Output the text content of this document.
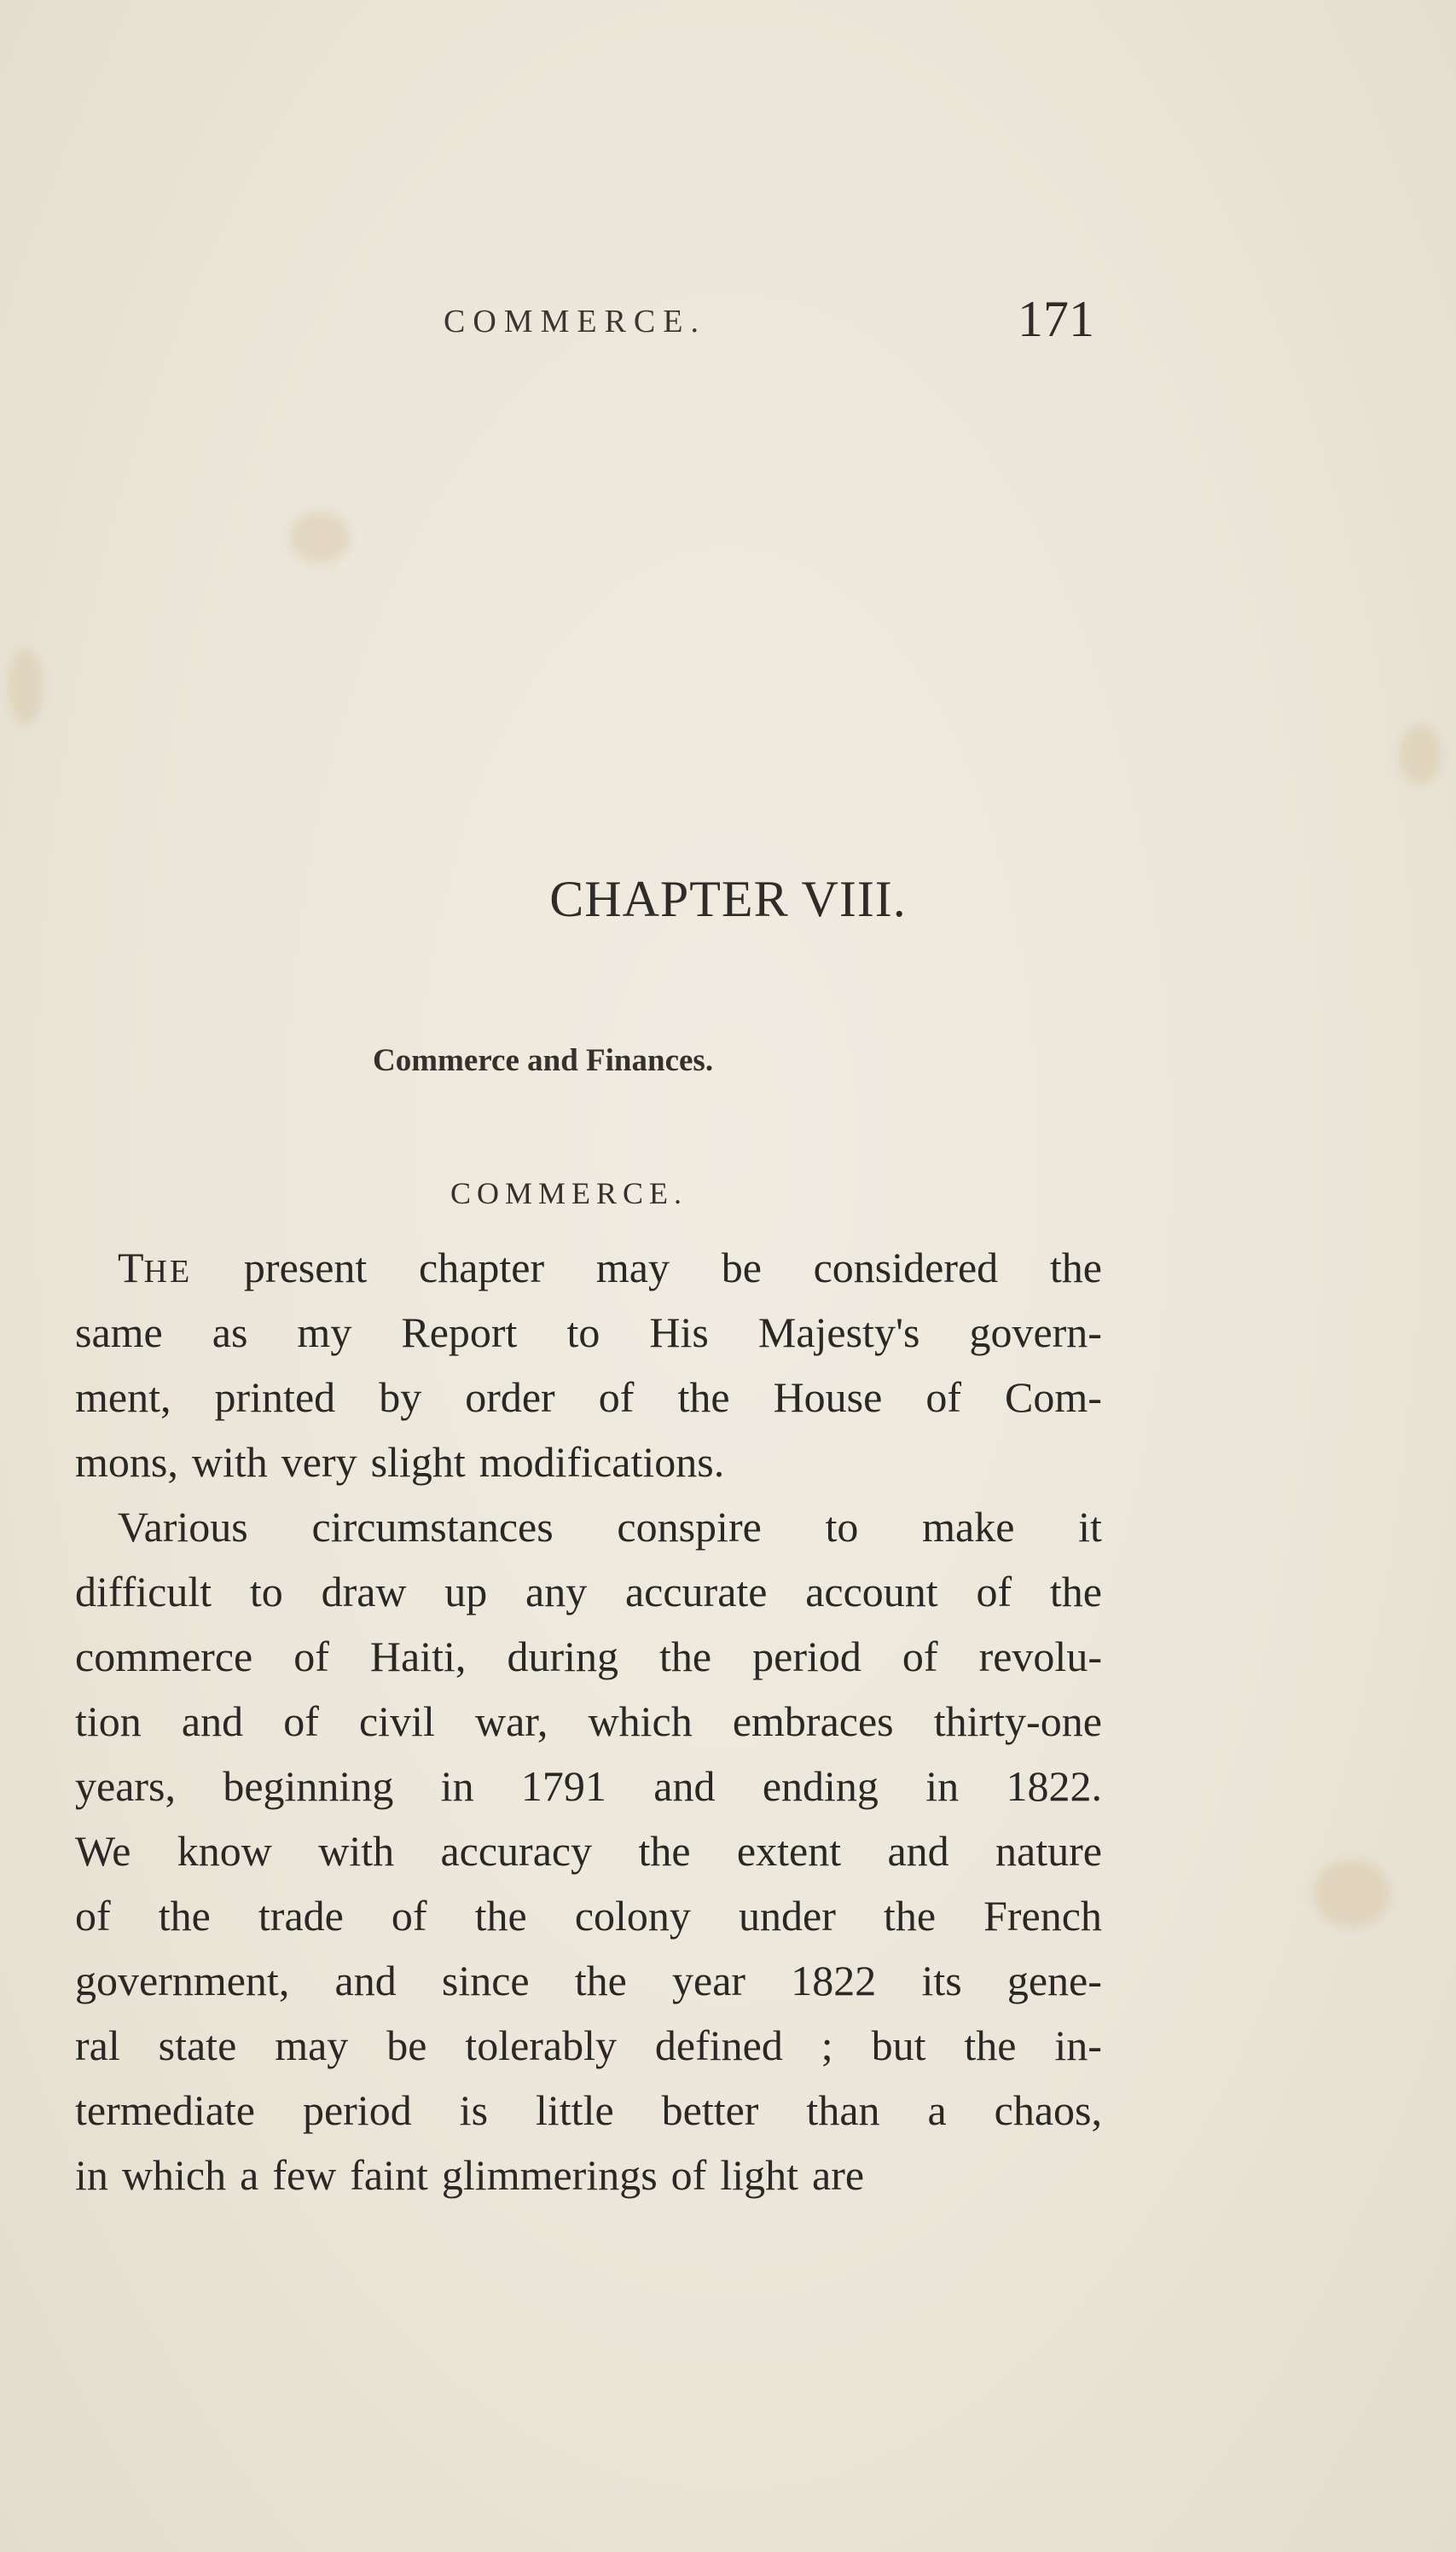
COMMERCE.	171
CHAPTER VIII.
Commerce and Finances.
COMMERCE.
THE present chapter may be considered the
same as my Report to His Majesty's govern-
ment, printed by order of the House of Com-
mons, with very slight modifications.
Various circumstances conspire to make it
difficult to draw up any accurate account of the
commerce of Haiti, during the period of revolu-
tion and of civil war, which embraces thirty-one
years, beginning in 1791 and ending in 1822.
We know with accuracy the extent and nature
of the trade of the colony under the French
government, and since the year 1822 its gene-
ral state may be tolerably defined ; but the in-
termediate period is little better than a chaos,
in which a few faint glimmerings of light are
